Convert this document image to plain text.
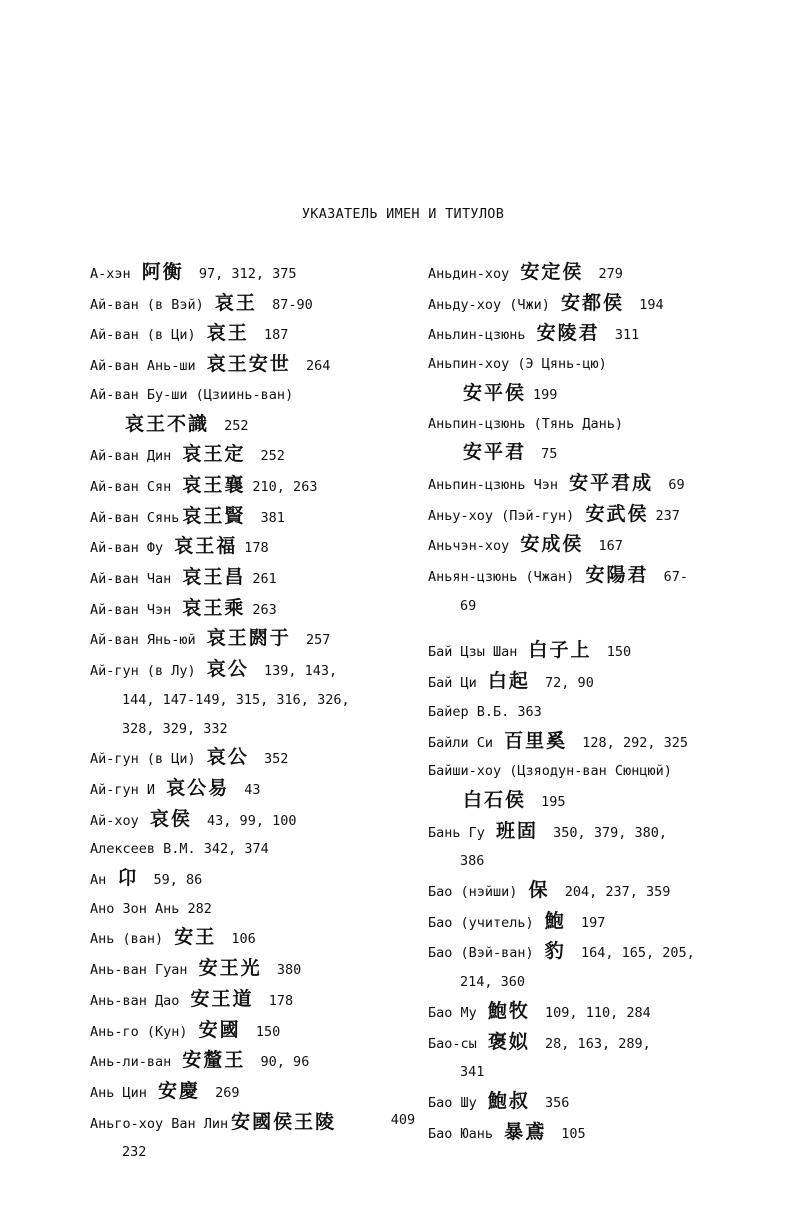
УКАЗАТЕЛЬ ИМЕН И ТИТУЛОВ
А-хэн 阿衡 97, 312, 375
Ай-ван (в Вэй) 哀王 87-90
Ай-ван (в Ци) 哀王 187
Ай-ван Ань-ши 哀王安世 264
Ай-ван Бу-ши (Цзиинь-ван)
哀王不識 252
Ай-ван Дин 哀王定 252
Ай-ван Сян 哀王襄 210, 263
Ай-ван Сянь 哀王賢 381
Ай-ван Фу 哀王福 178
Ай-ван Чан 哀王昌 261
Ай-ван Чэн 哀王乘 263
Ай-ван Янь-юй 哀王閼于 257
Ай-гун (в Лу) 哀公 139, 143,
144, 147-149, 315, 316, 326,
328, 329, 332
Ай-гун (в Ци) 哀公 352
Ай-гун И 哀公易 43
Ай-хоу 哀侯 43, 99, 100
Алексеев В.М. 342, 374
Ан 卬 59, 86
Ано Зон Ань 282
Ань (ван) 安王 106
Ань-ван Гуан 安王光 380
Ань-ван Дао 安王道 178
Ань-го (Кун) 安國 150
Ань-ли-ван 安釐王 90, 96
Ань Цин 安慶 269
Аньго-хоу Ван Лин 安國侯王陵
232
Аньдин-хоу 安定侯 279
Аньду-хоу (Чжи) 安都侯 194
Аньлин-цзюнь 安陵君 311
Аньпин-хоу (Э Цянь-цю)
安平侯 199
Аньпин-цзюнь (Тянь Дань)
安平君 75
Аньпин-цзюнь Чэн 安平君成 69
Аньу-хоу (Пэй-гун) 安武侯 237
Аньчэн-хоу 安成侯 167
Аньян-цзюнь (Чжан) 安陽君 67-
69
Бай Цзы Шан 白子上 150
Бай Ци 白起 72, 90
Байер В.Б. 363
Байли Си 百里奚 128, 292, 325
Байши-хоу (Цзяодун-ван Сюнцюй)
白石侯 195
Бань Гу 班固 350, 379, 380,
386
Бао (нэйши) 保 204, 237, 359
Бао (учитель) 鮑 197
Бао (Вэй-ван) 豹 164, 165, 205,
214, 360
Бао Му 鮑牧 109, 110, 284
Бао-сы 褒姒 28, 163, 289,
341
Бао Шу 鮑叔 356
Бао Юань 暴鳶 105
409
